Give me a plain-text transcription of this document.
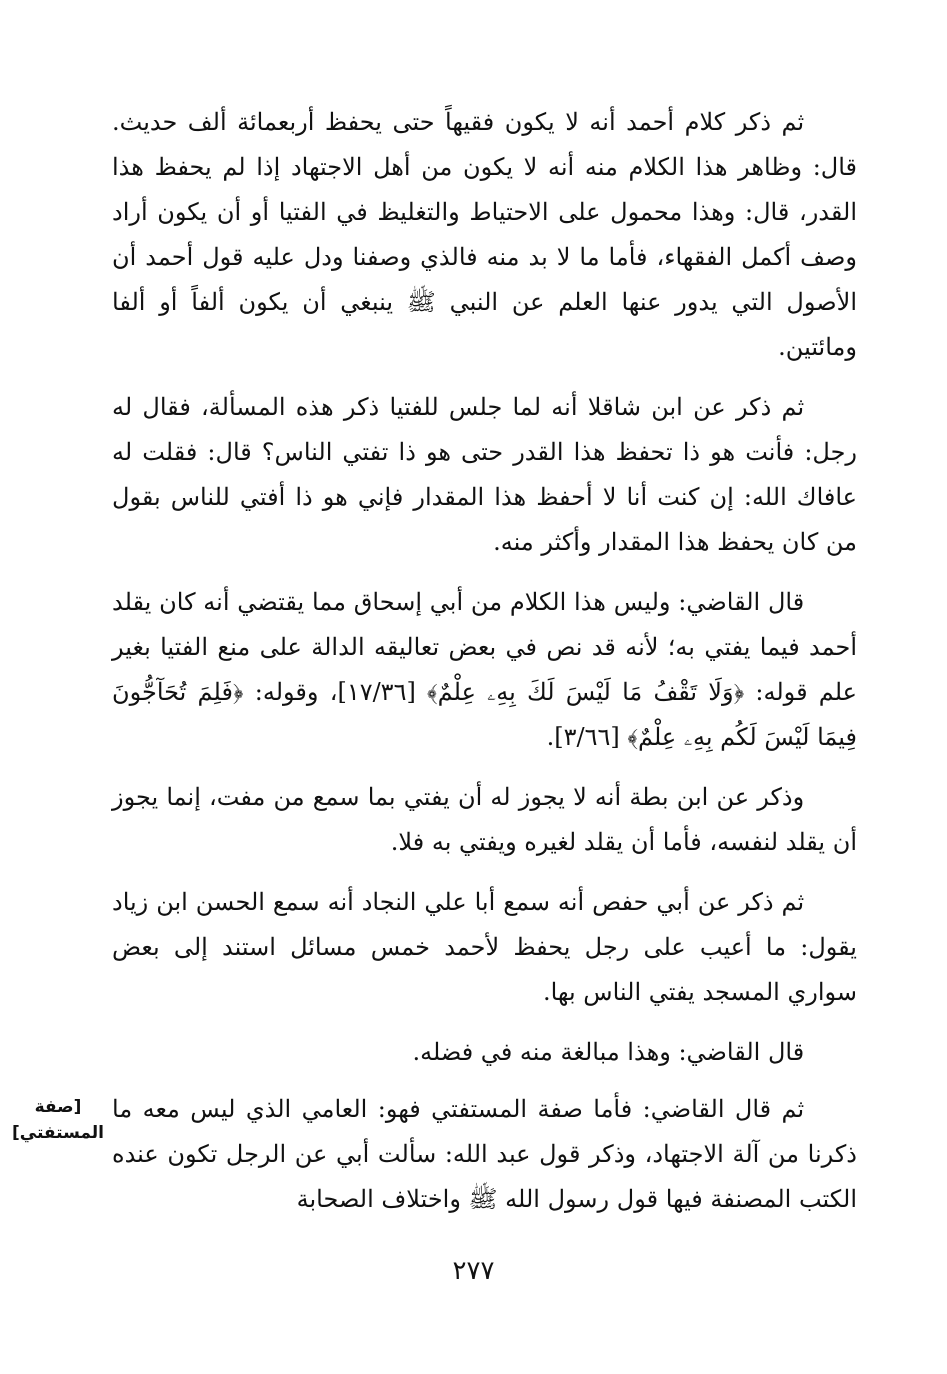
ثم ذكر كلام أحمد أنه لا يكون فقيهاً حتى يحفظ أربعمائة ألف حديث. قال: وظاهر هذا الكلام منه أنه لا يكون من أهل الاجتهاد إذا لم يحفظ هذا القدر، قال: وهذا محمول على الاحتياط والتغليظ في الفتيا أو أن يكون أراد وصف أكمل الفقهاء، فأما ما لا بد منه فالذي وصفنا ودل عليه قول أحمد أن الأصول التي يدور عنها العلم عن النبي ﷺ ينبغي أن يكون ألفاً أو ألفا ومائتين.

ثم ذكر عن ابن شاقلا أنه لما جلس للفتيا ذكر هذه المسألة، فقال له رجل: فأنت هو ذا تحفظ هذا القدر حتى هو ذا تفتي الناس؟ قال: فقلت له عافاك الله: إن كنت أنا لا أحفظ هذا المقدار فإني هو ذا أفتي للناس بقول من كان يحفظ هذا المقدار وأكثر منه.

قال القاضي: وليس هذا الكلام من أبي إسحاق مما يقتضي أنه كان يقلد أحمد فيما يفتي به؛ لأنه قد نص في بعض تعاليقه الدالة على منع الفتيا بغير علم قوله: ﴿وَلَا تَقْفُ مَا لَيْسَ لَكَ بِهِۦ عِلْمٌ﴾ [١٧/٣٦]، وقوله: ﴿فَلِمَ تُحَآجُّونَ فِيمَا لَيْسَ لَكُم بِهِۦ عِلْمٌ﴾ [٣/٦٦].

وذكر عن ابن بطة أنه لا يجوز له أن يفتي بما سمع من مفت، إنما يجوز أن يقلد لنفسه، فأما أن يقلد لغيره ويفتي به فلا.

ثم ذكر عن أبي حفص أنه سمع أبا علي النجاد أنه سمع الحسن ابن زياد يقول: ما أعيب على رجل يحفظ لأحمد خمس مسائل استند إلى بعض سواري المسجد يفتي الناس بها.

قال القاضي: وهذا مبالغة منه في فضله.

ثم قال القاضي: فأما صفة المستفتي فهو: العامي الذي ليس معه ما ذكرنا من آلة الاجتهاد، وذكر قول عبد الله: سألت أبي عن الرجل تكون عنده الكتب المصنفة فيها قول رسول الله ﷺ واختلاف الصحابة

[صفة المستفتي]
٢٧٧
